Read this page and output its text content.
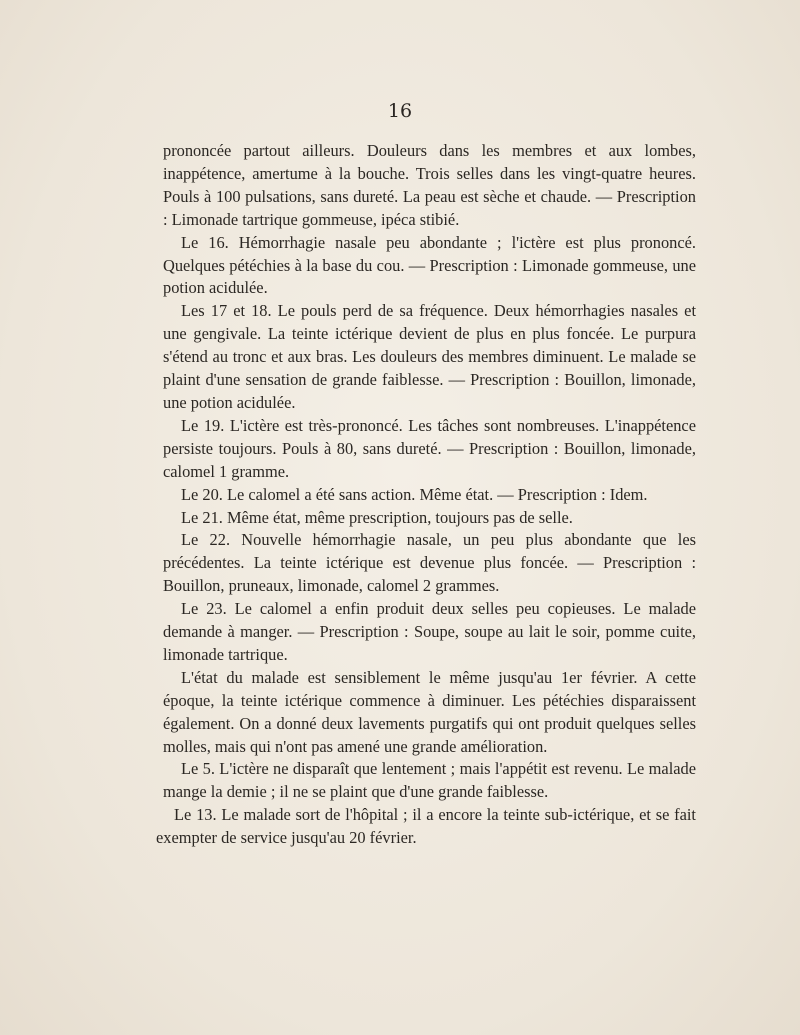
16

prononcée partout ailleurs. Douleurs dans les membres et aux lombes, inappétence, amertume à la bouche. Trois selles dans les vingt-quatre heures. Pouls à 100 pulsations, sans dureté. La peau est sèche et chaude. — Prescription : Limonade tartrique gommeuse, ipéca stibié.

Le 16. Hémorrhagie nasale peu abondante ; l'ictère est plus prononcé. Quelques pétéchies à la base du cou. — Prescription : Limonade gommeuse, une potion acidulée.

Les 17 et 18. Le pouls perd de sa fréquence. Deux hémorrhagies nasales et une gengivale. La teinte ictérique devient de plus en plus foncée. Le purpura s'étend au tronc et aux bras. Les douleurs des membres diminuent. Le malade se plaint d'une sensation de grande faiblesse. — Prescription : Bouillon, limonade, une potion acidulée.

Le 19. L'ictère est très-prononcé. Les tâches sont nombreuses. L'inappétence persiste toujours. Pouls à 80, sans dureté. — Prescription : Bouillon, limonade, calomel 1 gramme.

Le 20. Le calomel a été sans action. Même état. — Prescription : Idem.

Le 21. Même état, même prescription, toujours pas de selle.

Le 22. Nouvelle hémorrhagie nasale, un peu plus abondante que les précédentes. La teinte ictérique est devenue plus foncée. — Prescription : Bouillon, pruneaux, limonade, calomel 2 grammes.

Le 23. Le calomel a enfin produit deux selles peu copieuses. Le malade demande à manger. — Prescription : Soupe, soupe au lait le soir, pomme cuite, limonade tartrique.

L'état du malade est sensiblement le même jusqu'au 1er février. A cette époque, la teinte ictérique commence à diminuer. Les pétéchies disparaissent également. On a donné deux lavements purgatifs qui ont produit quelques selles molles, mais qui n'ont pas amené une grande amélioration.

Le 5. L'ictère ne disparaît que lentement ; mais l'appétit est revenu. Le malade mange la demie ; il ne se plaint que d'une grande faiblesse.

Le 13. Le malade sort de l'hôpital ; il a encore la teinte sub-ictérique, et se fait exempter de service jusqu'au 20 février.
